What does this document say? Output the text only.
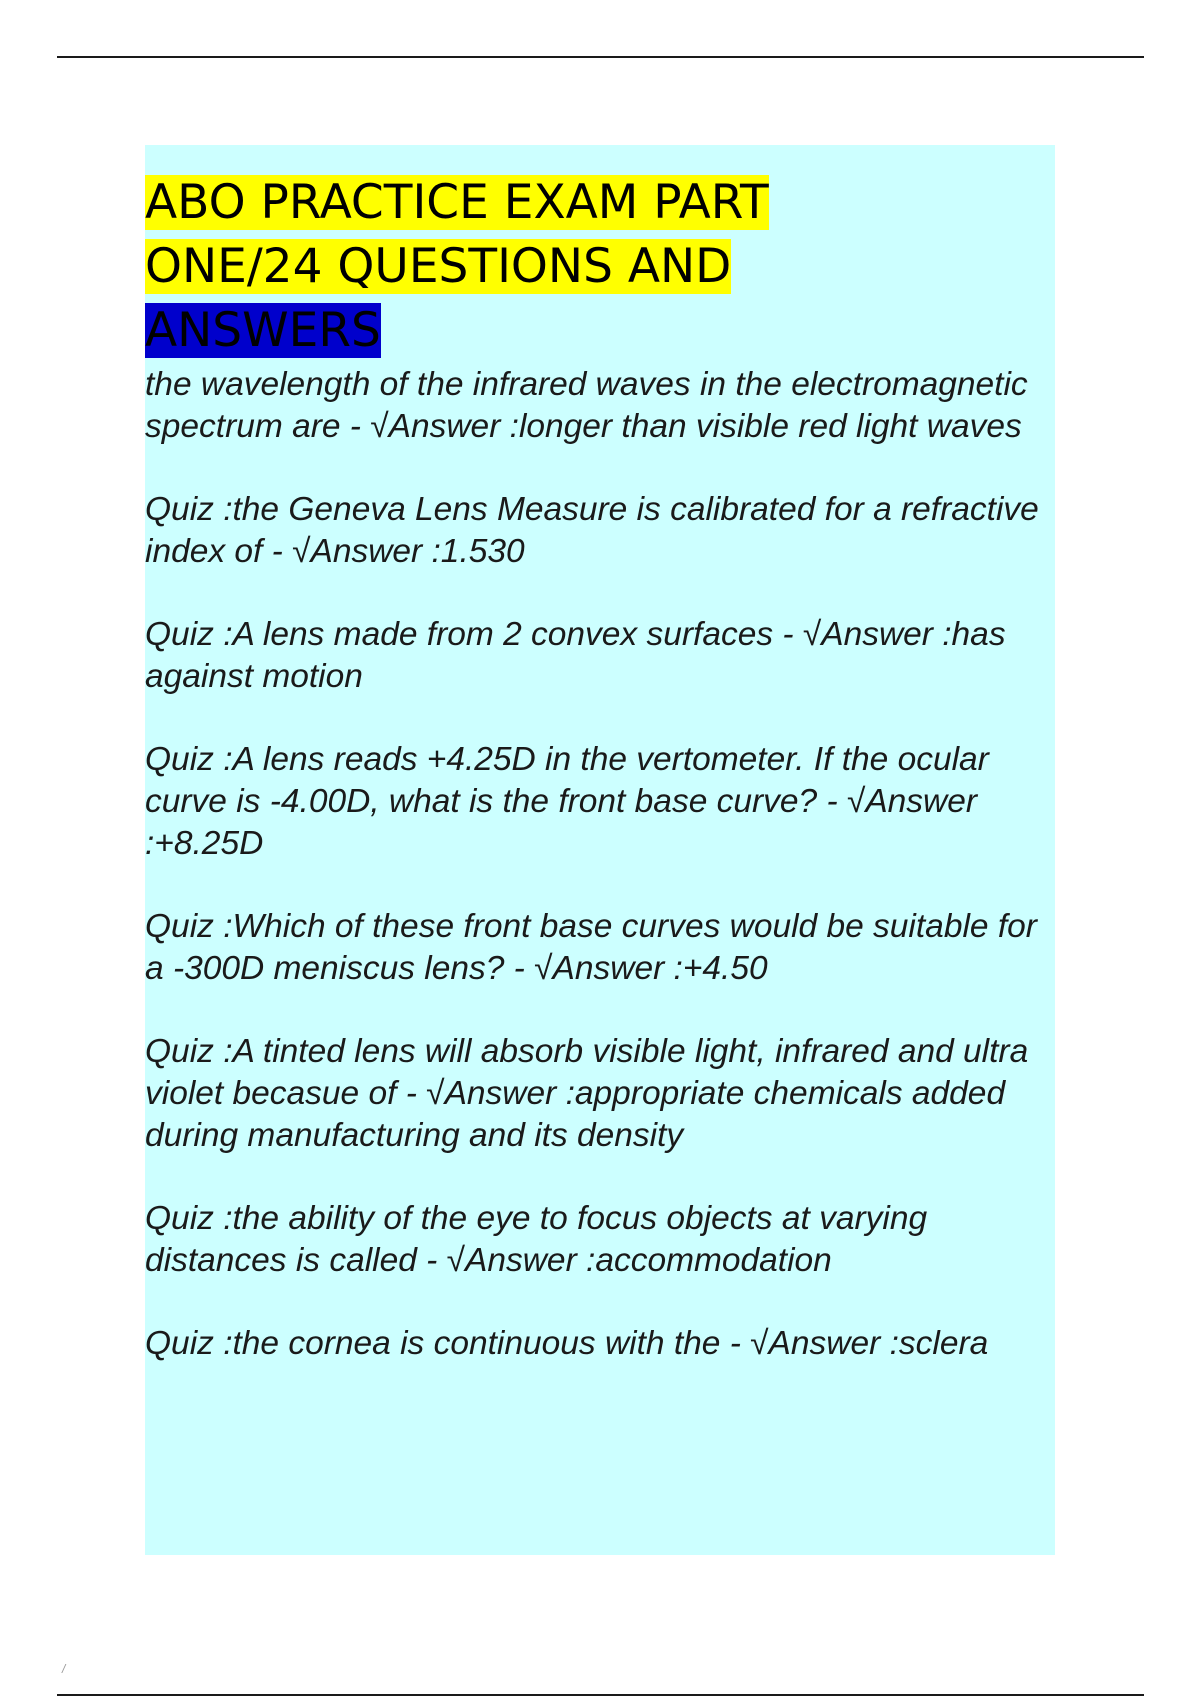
ABO PRACTICE EXAM PART
ONE/24 QUESTIONS AND
ANSWERS
the wavelength of the infrared waves in the electromagnetic spectrum are - √Answer :longer than visible red light waves
Quiz :the Geneva Lens Measure is calibrated for a refractive index of - √Answer :1.530
Quiz :A lens made from 2 convex surfaces - √Answer :has against motion
Quiz :A lens reads +4.25D in the vertometer. If the ocular curve is -4.00D, what is the front base curve? - √Answer :+8.25D
Quiz :Which of these front base curves would be suitable for a -300D meniscus lens? - √Answer :+4.50
Quiz :A tinted lens will absorb visible light, infrared and ultra violet becasue of - √Answer :appropriate chemicals added during manufacturing and its density
Quiz :the ability of the eye to focus objects at varying distances is called - √Answer :accommodation
Quiz :the cornea is continuous with the - √Answer :sclera
/
